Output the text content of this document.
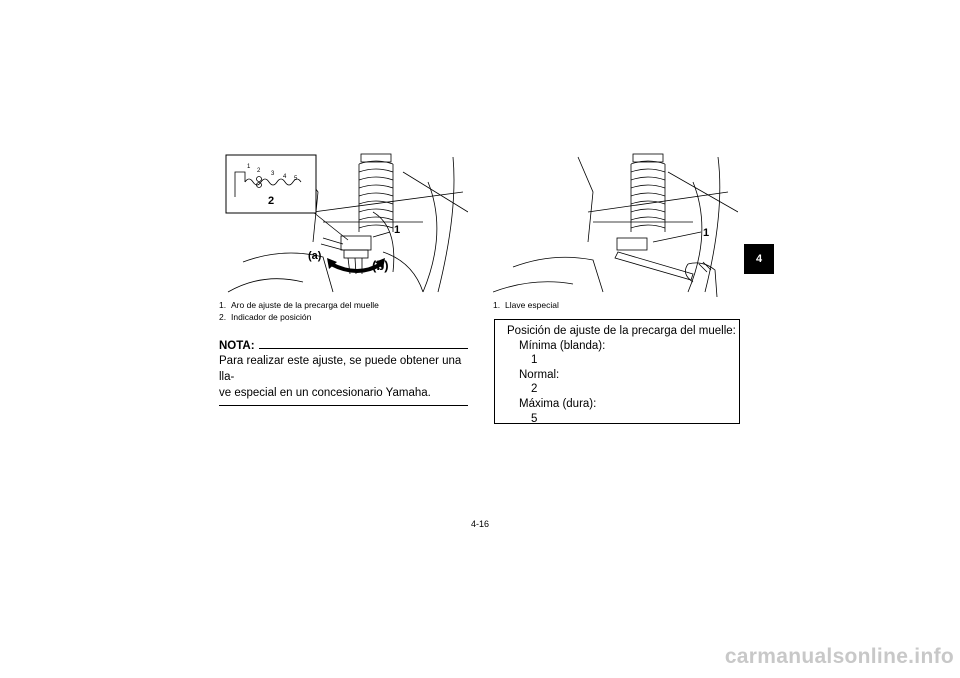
1
2 3 4 5
2
1
(a)
(b)
1
1. Aro de ajuste de la precarga del muelle
2. Indicador de posición
1. Llave especial
NOTA:
Para realizar este ajuste, se puede obtener una lla-
ve especial en un concesionario Yamaha.
Posición de ajuste de la precarga del muelle:
Mínima (blanda):
1
Normal:
2
Máxima (dura):
5
4
4-16
carmanualsonline.info
